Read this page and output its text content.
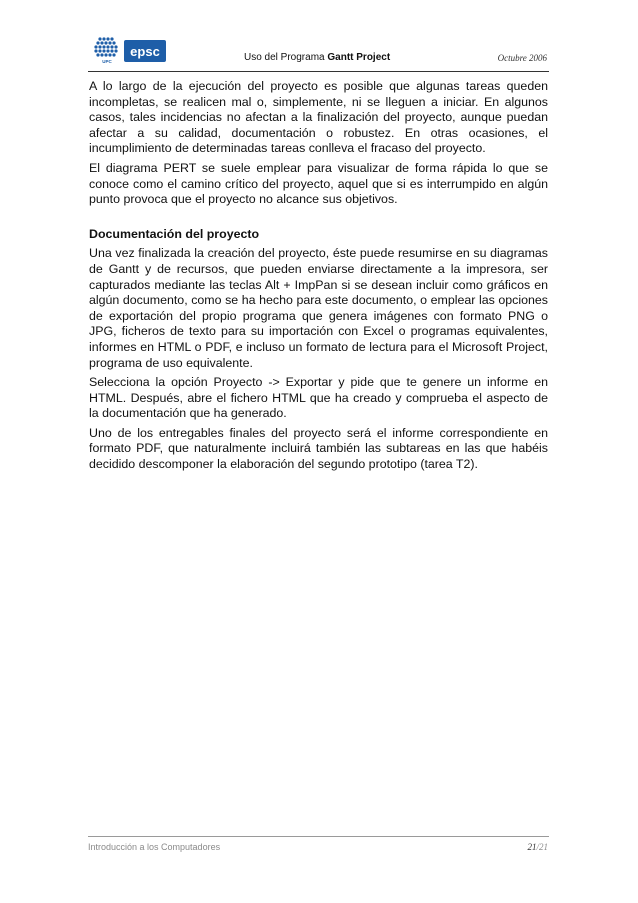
UPC
epsc	Uso del Programa Gantt Project	Octubre 2006

A lo largo de la ejecución del proyecto es posible que algunas tareas queden incompletas, se realicen mal o, simplemente, ni se lleguen a iniciar. En algunos casos, tales incidencias no afectan a la finalización del proyecto, aunque puedan afectar a su calidad, documentación o robustez. En otras ocasiones, el incumplimiento de determinadas tareas conlleva el fracaso del proyecto.

El diagrama PERT se suele emplear para visualizar de forma rápida lo que se conoce como el camino crítico del proyecto, aquel que si es interrumpido en algún punto provoca que el proyecto no alcance sus objetivos.

Documentación del proyecto

Una vez finalizada la creación del proyecto, éste puede resumirse en su diagramas de Gantt y de recursos, que pueden enviarse directamente a la impresora, ser capturados mediante las teclas Alt + ImpPan si se desean incluir como gráficos en algún documento, como se ha hecho para este documento, o emplear las opciones de exportación del propio programa que genera imágenes con formato PNG o JPG, ficheros de texto para su importación con Excel o programas equivalentes, informes en HTML o PDF, e incluso un formato de lectura para el Microsoft Project, programa de uso equivalente.

Selecciona la opción Proyecto -> Exportar y pide que te genere un informe en HTML. Después, abre el fichero HTML que ha creado y comprueba el aspecto de la documentación que ha generado.

Uno de los entregables finales del proyecto será el informe correspondiente en formato PDF, que naturalmente incluirá también las subtareas en las que habéis decidido descomponer la elaboración del segundo prototipo (tarea T2).

Introducción a los Computadores	21/21
